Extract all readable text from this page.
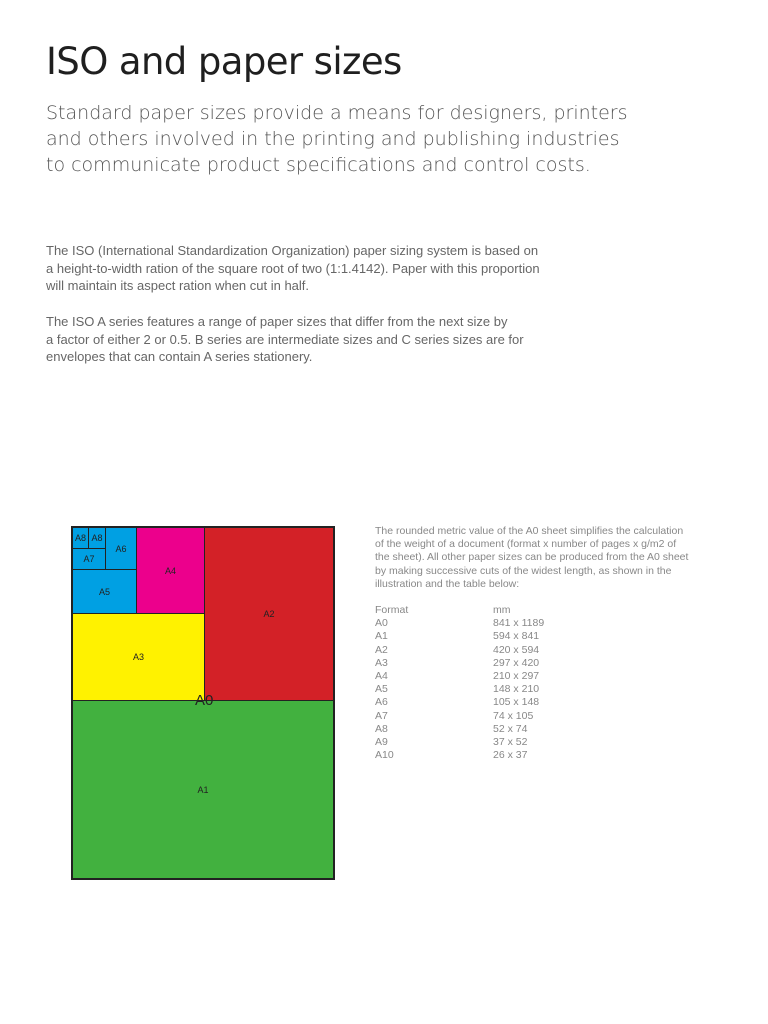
ISO and paper sizes

Standard paper sizes provide a means for designers, printers
and others involved in the printing and publishing industries
to communicate product specifications and control costs.

The ISO (International Standardization Organization) paper sizing system is based on
a height-to-width ration of the square root of two (1:1.4142). Paper with this proportion
will maintain its aspect ration when cut in half.

The ISO A series features a range of paper sizes that differ from the next size by
a factor of either 2 or 0.5. B series are intermediate sizes and C series sizes are for
envelopes that can contain A series stationery.

A1
A2
A3
A4
A5
A6
A7
A8 A8
A0

The rounded metric value of the A0 sheet simplifies the calculation
of the weight of a document (format x number of pages x g/m2 of
the sheet). All other paper sizes can be produced from the A0 sheet
by making successive cuts of the widest length, as shown in the
illustration and the table below:

Format	mm
A0	841 x 1189
A1	594 x 841
A2	420 x 594
A3	297 x 420
A4	210 x 297
A5	148 x 210
A6	105 x 148
A7	74 x 105
A8	52 x 74
A9	37 x 52
A10	26 x 37
